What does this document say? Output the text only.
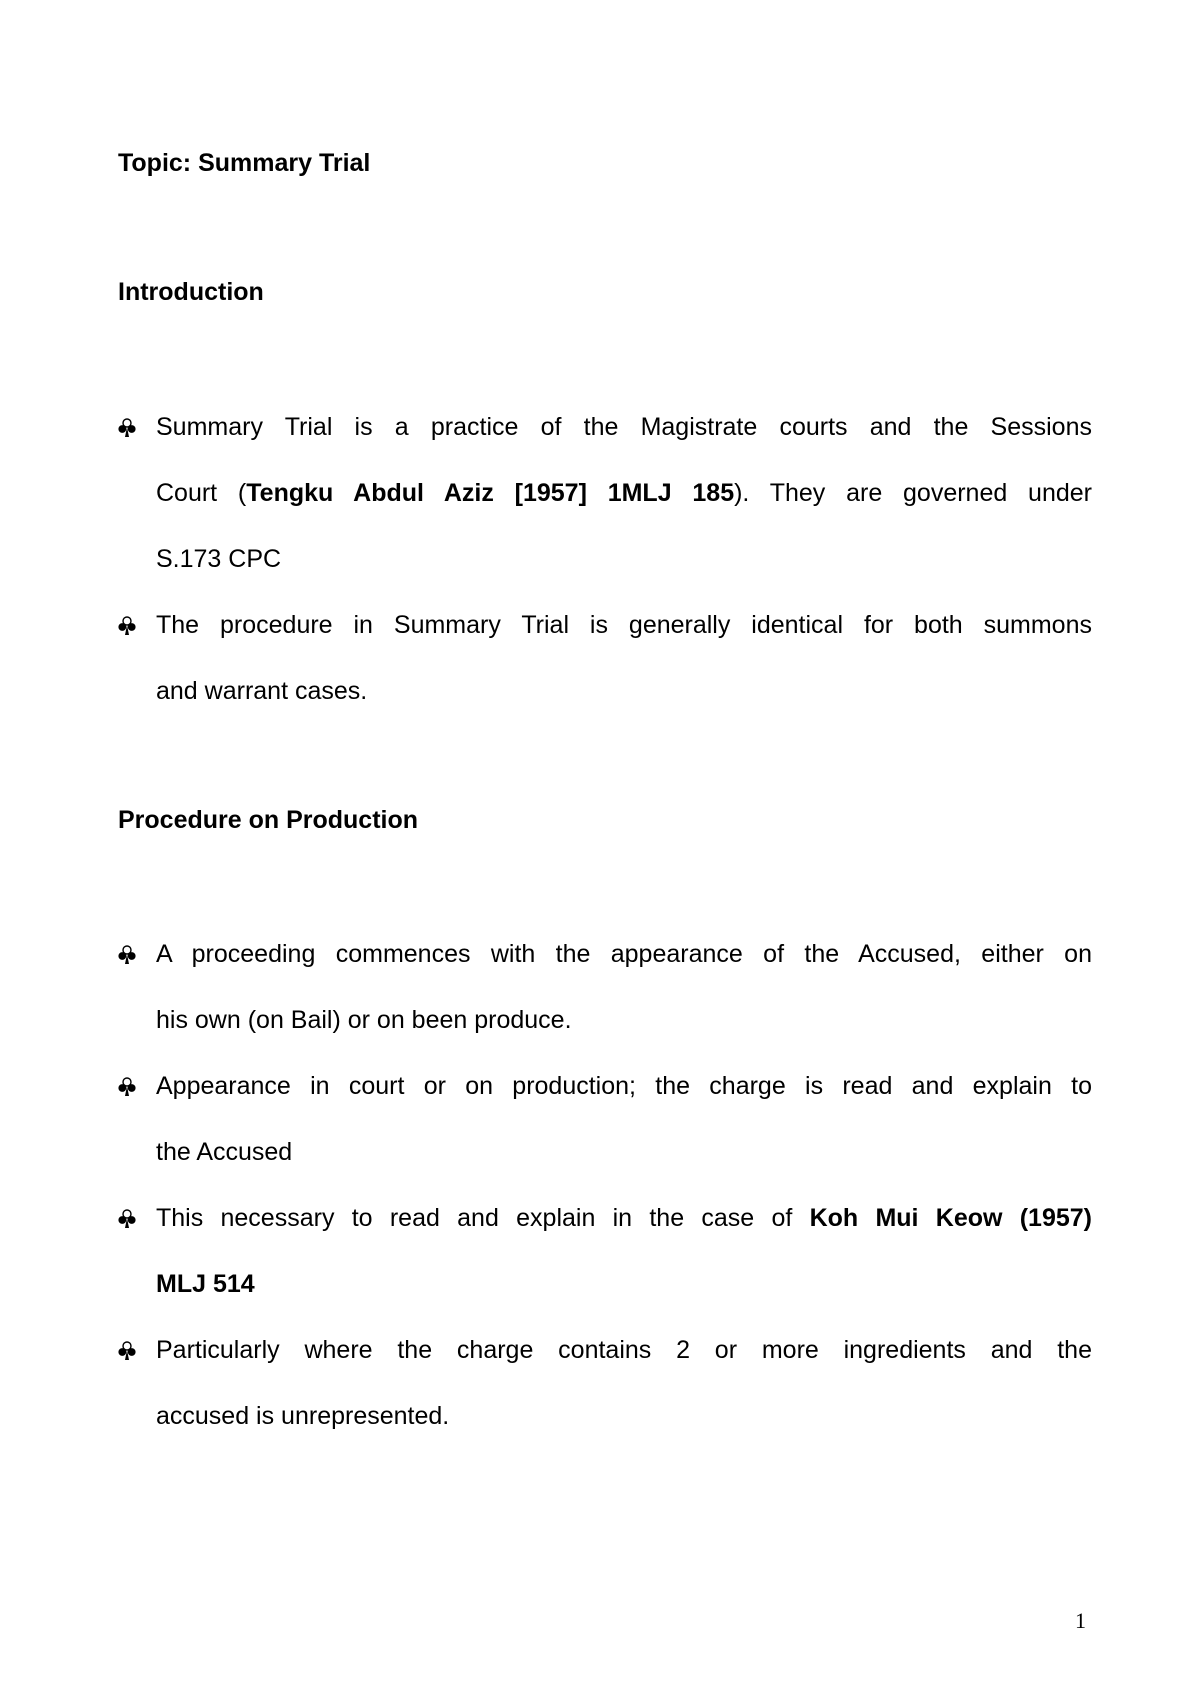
Topic: Summary Trial
Introduction

Summary Trial is a practice of the Magistrate courts and the Sessions
Court (Tengku Abdul Aziz [1957] 1MLJ 185). They are governed under
S.173 CPC

The procedure in Summary Trial is generally identical for both summons
and warrant cases.

Procedure on Production

A proceeding commences with the appearance of the Accused, either on
his own (on Bail) or on been produce.

Appearance in court or on production; the charge is read and explain to
the Accused

This necessary to read and explain in the case of Koh Mui Keow (1957)
MLJ 514

Particularly where the charge contains 2 or more ingredients and the
accused is unrepresented.

1
